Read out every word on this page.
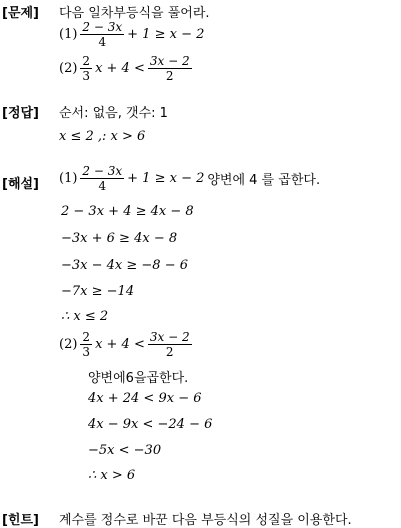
[문제] 다음 일차부등식을 풀어라.
$(1) \frac{2 - 3x}{4} + 1 \ge x - 2$
$(2) \frac{2}{3}$ $x + 4 < \frac{3x - 2}{2}$
[정답] 순서: 없음, 갯수: 1
x ≤ 2 ,: x > 6
[해설] $(1) \frac{2 - 3x}{4} + 1 \ge x - 2$ 양변에 4 를 곱한다.
2 − 3x + 4 ≥ 4x − 8
−3x + 6 ≥ 4x − 8
−3x − 4x ≥ −8 − 6
−7x ≥ −14
∴ x ≤ 2
$(2) \frac{2}{3}$ $x + 4 < \frac{3x - 2}{2}$
양변에6을곱한다.
4x + 24 < 9x − 6
4x − 9x < −24 − 6
−5x < −30
∴ x > 6
[힌트] 계수를 정수로 바꾼 다음 부등식의 성질을 이용한다.
